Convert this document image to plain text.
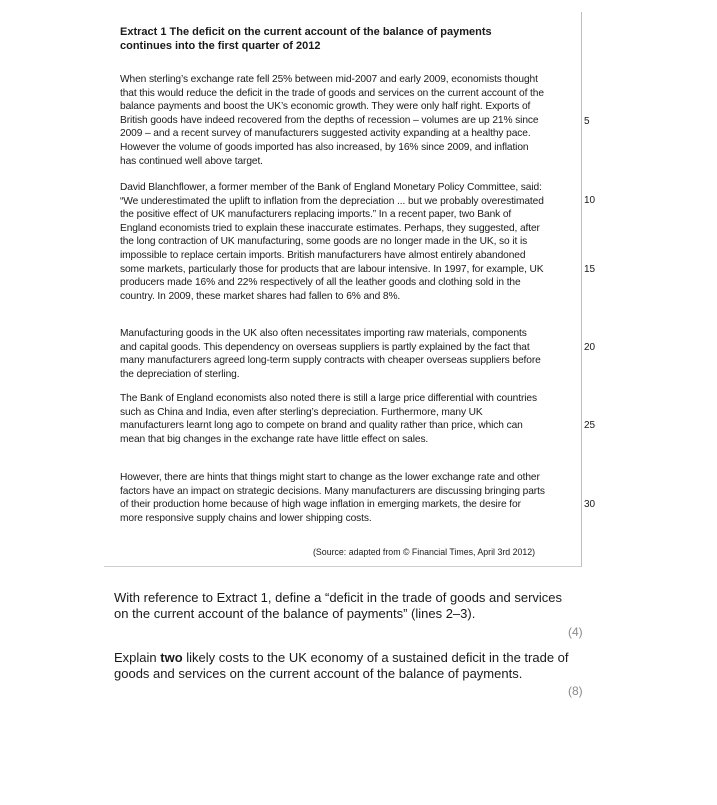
Extract 1 The deficit on the current account of the balance of payments continues into the first quarter of 2012

When sterling’s exchange rate fell 25% between mid-2007 and early 2009, economists thought that this would reduce the deficit in the trade of goods and services on the current account of the balance payments and boost the UK’s economic growth. They were only half right. Exports of British goods have indeed recovered from the depths of recession – volumes are up 21% since 2009 – and a recent survey of manufacturers suggested activity expanding at a healthy pace. However the volume of goods imported has also increased, by 16% since 2009, and inflation has continued well above target.

David Blanchflower, a former member of the Bank of England Monetary Policy Committee, said: “We underestimated the uplift to inflation from the depreciation ... but we probably overestimated the positive effect of UK manufacturers replacing imports.” In a recent paper, two Bank of England economists tried to explain these inaccurate estimates. Perhaps, they suggested, after the long contraction of UK manufacturing, some goods are no longer made in the UK, so it is impossible to replace certain imports. British manufacturers have almost entirely abandoned some markets, particularly those for products that are labour intensive. In 1997, for example, UK producers made 16% and 22% respectively of all the leather goods and clothing sold in the country. In 2009, these market shares had fallen to 6% and 8%.

Manufacturing goods in the UK also often necessitates importing raw materials, components and capital goods. This dependency on overseas suppliers is partly explained by the fact that many manufacturers agreed long-term supply contracts with cheaper overseas suppliers before the depreciation of sterling.

The Bank of England economists also noted there is still a large price differential with countries such as China and India, even after sterling’s depreciation. Furthermore, many UK manufacturers learnt long ago to compete on brand and quality rather than price, which can mean that big changes in the exchange rate have little effect on sales.

However, there are hints that things might start to change as the lower exchange rate and other factors have an impact on strategic decisions. Many manufacturers are discussing bringing parts of their production home because of high wage inflation in emerging markets, the desire for more responsive supply chains and lower shipping costs.

5
10
15
20
25
30
(Source: adapted from © Financial Times, April 3rd 2012)

With reference to Extract 1, define a “deficit in the trade of goods and services on the current account of the balance of payments” (lines 2–3).

(4)

Explain two likely costs to the UK economy of a sustained deficit in the trade of goods and services on the current account of the balance of payments.

(8)
